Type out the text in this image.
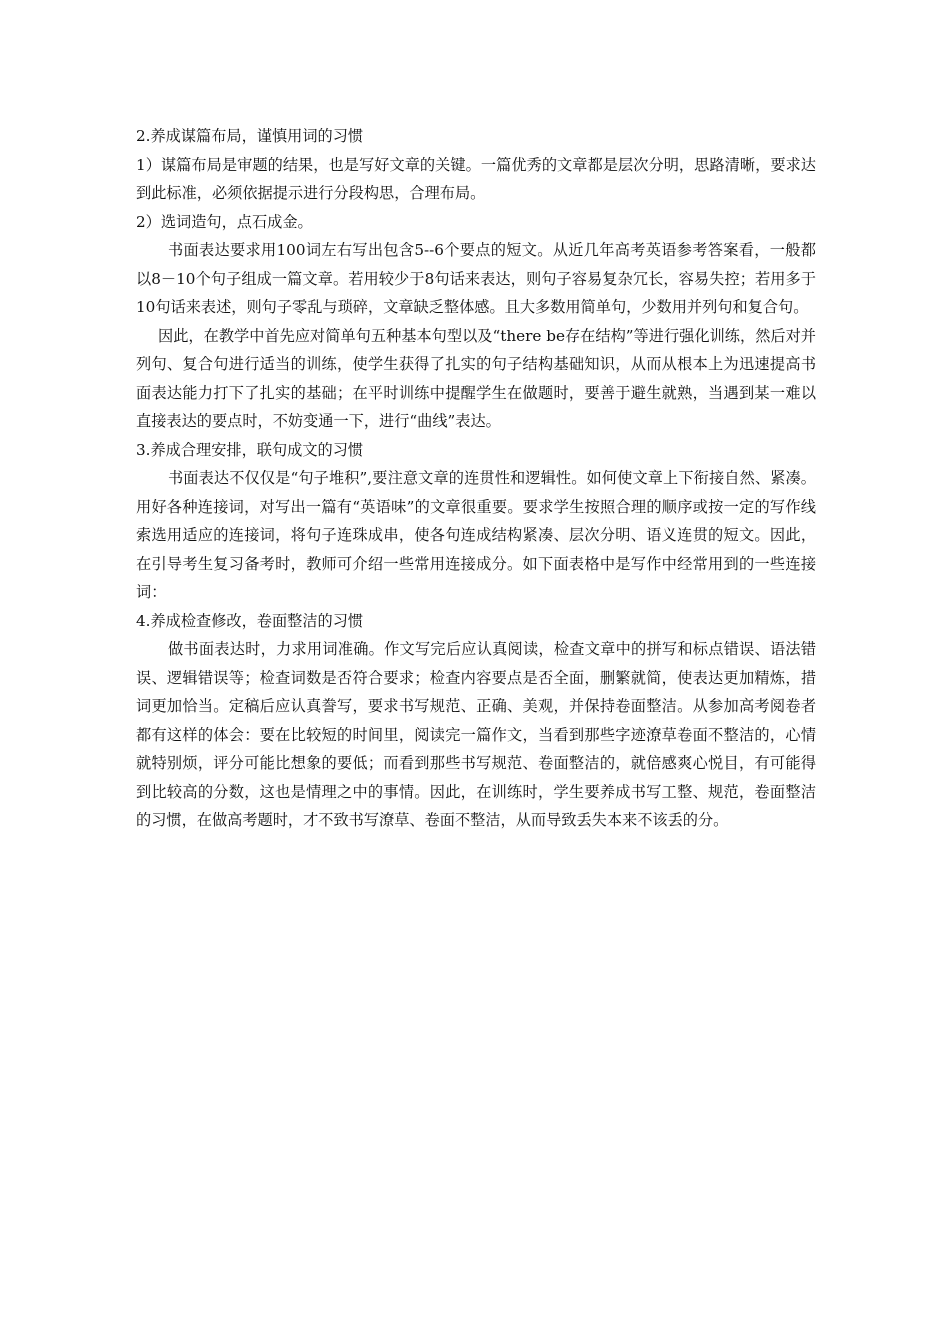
2.养成谋篇布局，谨慎用词的习惯

1）谋篇布局是审题的结果，也是写好文章的关键。一篇优秀的文章都是层次分明，思路清晰，要求达到此标准，必须依据提示进行分段构思，合理布局。

2）选词造句，点石成金。

书面表达要求用100词左右写出包含5--6个要点的短文。从近几年高考英语参考答案看，一般都以8－10个句子组成一篇文章。若用较少于8句话来表达，则句子容易复杂冗长，容易失控；若用多于10句话来表述，则句子零乱与琐碎，文章缺乏整体感。且大多数用简单句，少数用并列句和复合句。

因此，在教学中首先应对简单句五种基本句型以及“there be存在结构”等进行强化训练，然后对并列句、复合句进行适当的训练，使学生获得了扎实的句子结构基础知识，从而从根本上为迅速提高书面表达能力打下了扎实的基础；在平时训练中提醒学生在做题时，要善于避生就熟，当遇到某一难以直接表达的要点时，不妨变通一下，进行“曲线”表达。

3.养成合理安排，联句成文的习惯

书面表达不仅仅是“句子堆积”,要注意文章的连贯性和逻辑性。如何使文章上下衔接自然、紧凑。用好各种连接词，对写出一篇有“英语味”的文章很重要。要求学生按照合理的顺序或按一定的写作线索选用适应的连接词，将句子连珠成串，使各句连成结构紧凑、层次分明、语义连贯的短文。因此，在引导考生复习备考时，教师可介绍一些常用连接成分。如下面表格中是写作中经常用到的一些连接词：

4.养成检查修改，卷面整洁的习惯

做书面表达时，力求用词准确。作文写完后应认真阅读，检查文章中的拼写和标点错误、语法错误、逻辑错误等；检查词数是否符合要求；检查内容要点是否全面，删繁就简，使表达更加精炼，措词更加恰当。定稿后应认真誊写，要求书写规范、正确、美观，并保持卷面整洁。从参加高考阅卷者都有这样的体会：要在比较短的时间里，阅读完一篇作文，当看到那些字迹潦草卷面不整洁的，心情就特别烦，评分可能比想象的要低；而看到那些书写规范、卷面整洁的，就倍感爽心悦目，有可能得到比较高的分数，这也是情理之中的事情。因此，在训练时，学生要养成书写工整、规范，卷面整洁的习惯，在做高考题时，才不致书写潦草、卷面不整洁，从而导致丢失本来不该丢的分。
